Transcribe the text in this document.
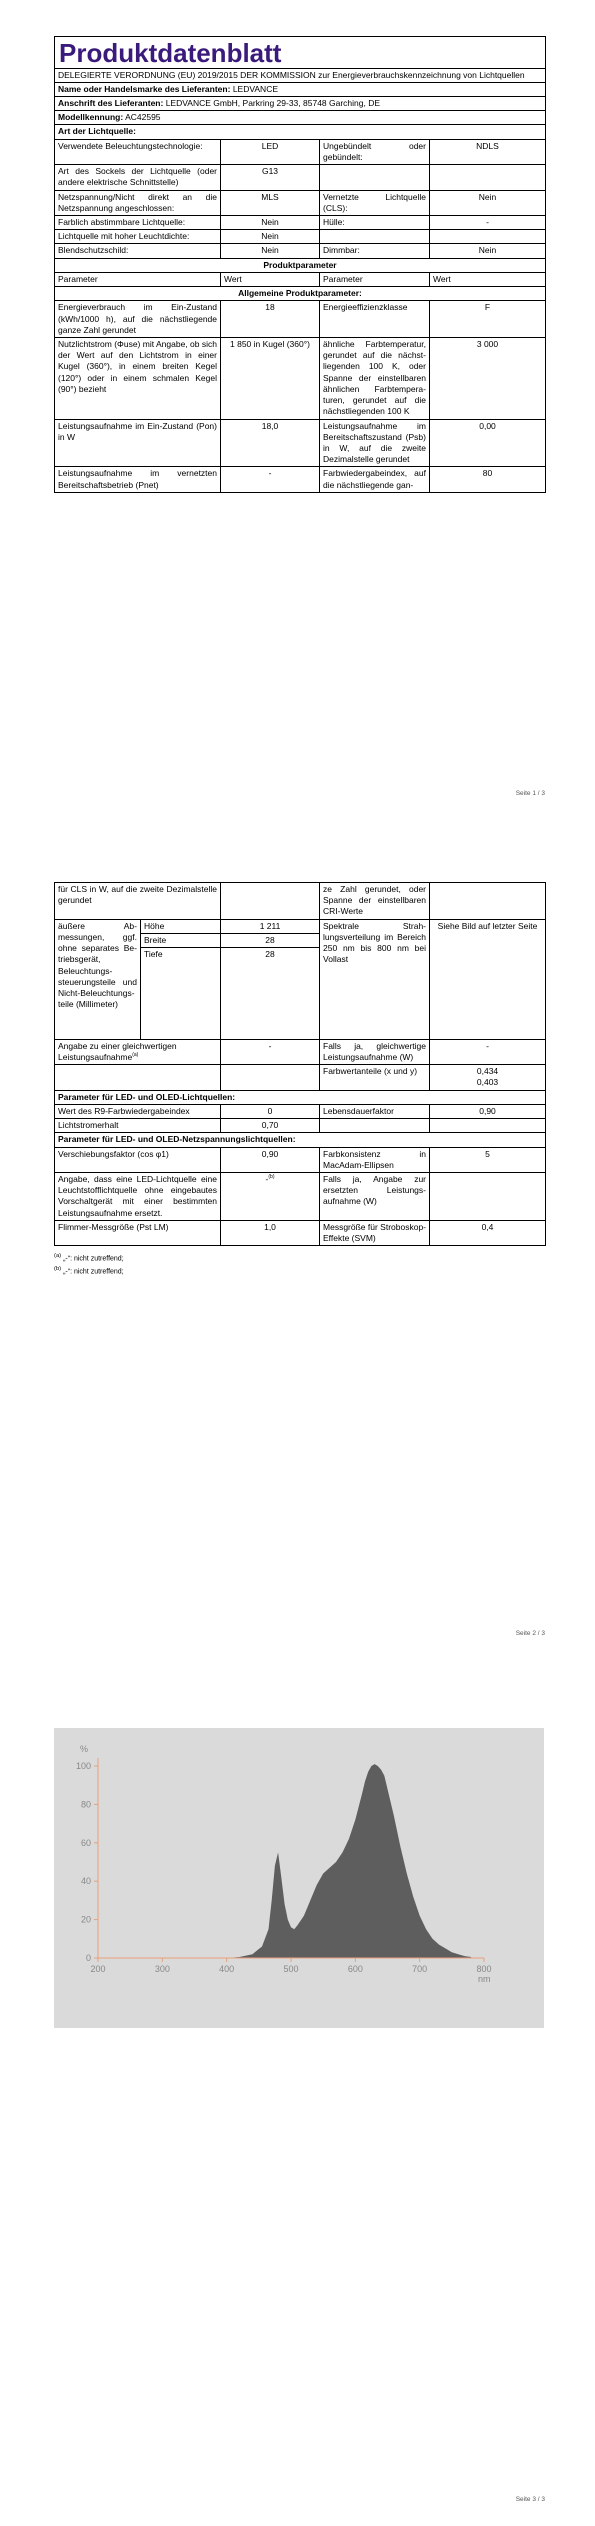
Produktdatenblatt			
DELEGIERTE VERORDNUNG (EU) 2019/2015 DER KOMMISSION zur Energieverbrauchskennzeichnung von Lichtquellen			
Name oder Handelsmarke des Lieferanten: LEDVANCE			
Anschrift des Lieferanten: LEDVANCE GmbH, Parkring 29-33, 85748 Garching, DE			
Modellkennung: AC42595			
Art der Lichtquelle:			
Verwendete Beleuchtungstechnologie:	LED	Ungebündelt oder gebündelt:	NDLS
Art des Sockels der Lichtquelle (oder andere elektrische Schnittstelle)	G13		
Netzspannung/Nicht direkt an die Netzspannung angeschlossen:	MLS	Vernetzte Lichtquelle (CLS):	Nein
Farblich abstimmbare Lichtquelle:	Nein	Hülle:	-
Lichtquelle mit hoher Leuchtdichte:	Nein		
Blendschutzschild:	Nein	Dimmbar:	Nein
Produktparameter			
Parameter	Wert	Parameter	Wert
Allgemeine Produktparameter:			
Energieverbrauch im Ein-Zustand (kWh/1000 h), auf die nächstliegende ganze Zahl gerundet	18	Energieeffizienzklasse	F
Nutzlichtstrom (Φuse) mit Angabe, ob sich der Wert auf den Lichtstrom in einer Kugel (360°), in einem breiten Kegel (120°) oder in einem schmalen Kegel (90°) bezieht	1 850 in Kugel (360°)	ähnliche Farbtemperatur, gerundet auf die nächstliegenden 100 K, oder Spanne der einstellbaren ähnlichen Farbtemperaturen, gerundet auf die nächstliegenden 100 K	3 000
Leistungsaufnahme im Ein-Zustand (Pon) in W	18,0	Leistungsaufnahme im Bereitschaftszustand (Psb) in W, auf die zweite Dezimalstelle gerundet	0,00
Leistungsaufnahme im vernetzten Bereitschaftsbetrieb (Pnet)	-	Farbwiedergabeindex, auf die nächstliegende gan-	80
Seite 1 / 3
für CLS in W, auf die zweite Dezimalstelle gerundet			ze Zahl gerundet, oder Spanne der einstellbaren CRI-Werte	
äußere Abmessungen, ggf. ohne separates Betriebsgerät, Beleuchtungssteuerungsteile und Nicht-Beleuchtungsteile (Millimeter)	Höhe	1 211	Spektrale Strahlungsverteilung im Bereich 250 nm bis 800 nm bei Vollast	Siehe Bild auf letzter Seite
	Breite	28		
	Tiefe	28		

Angabe zu einer gleichwertigen Leistungsaufnahme$^{(a)}$		-	Falls ja, gleichwertige Leistungsaufnahme (W)	-
			Farbwertanteile (x und y)	0,434
0,403

Parameter für LED- und OLED-Lichtquellen:				
Wert des R9-Farbwiedergabeindex		0	Lebensdauerfaktor	0,90
Lichtstromerhalt		0,70		
Parameter für LED- und OLED-Netzspannungslichtquellen:				
Verschiebungsfaktor (cos φ1)		0,90	Farbkonsistenz in MacAdam-Ellipsen	5
Angabe, dass eine LED-Lichtquelle eine Leuchtstofflichtquelle ohne eingebautes Vorschaltgerät mit einer bestimmten Leistungsaufnahme ersetzt.		-$^{(b)}$	Falls ja, Angabe zur ersetzten Leistungsaufnahme (W)	
Flimmer-Messgröße (Pst LM)		1,0	Messgröße für Stroboskop-Effekte (SVM)	0,4
$^{(a)}$ „-“: nicht zutreffend;
$^{(b)}$ „-“: nicht zutreffend;
Seite 2 / 3
200	300	400	500	600	700	800
0
20
40
60
80
100
%
nm
Seite 3 / 3
